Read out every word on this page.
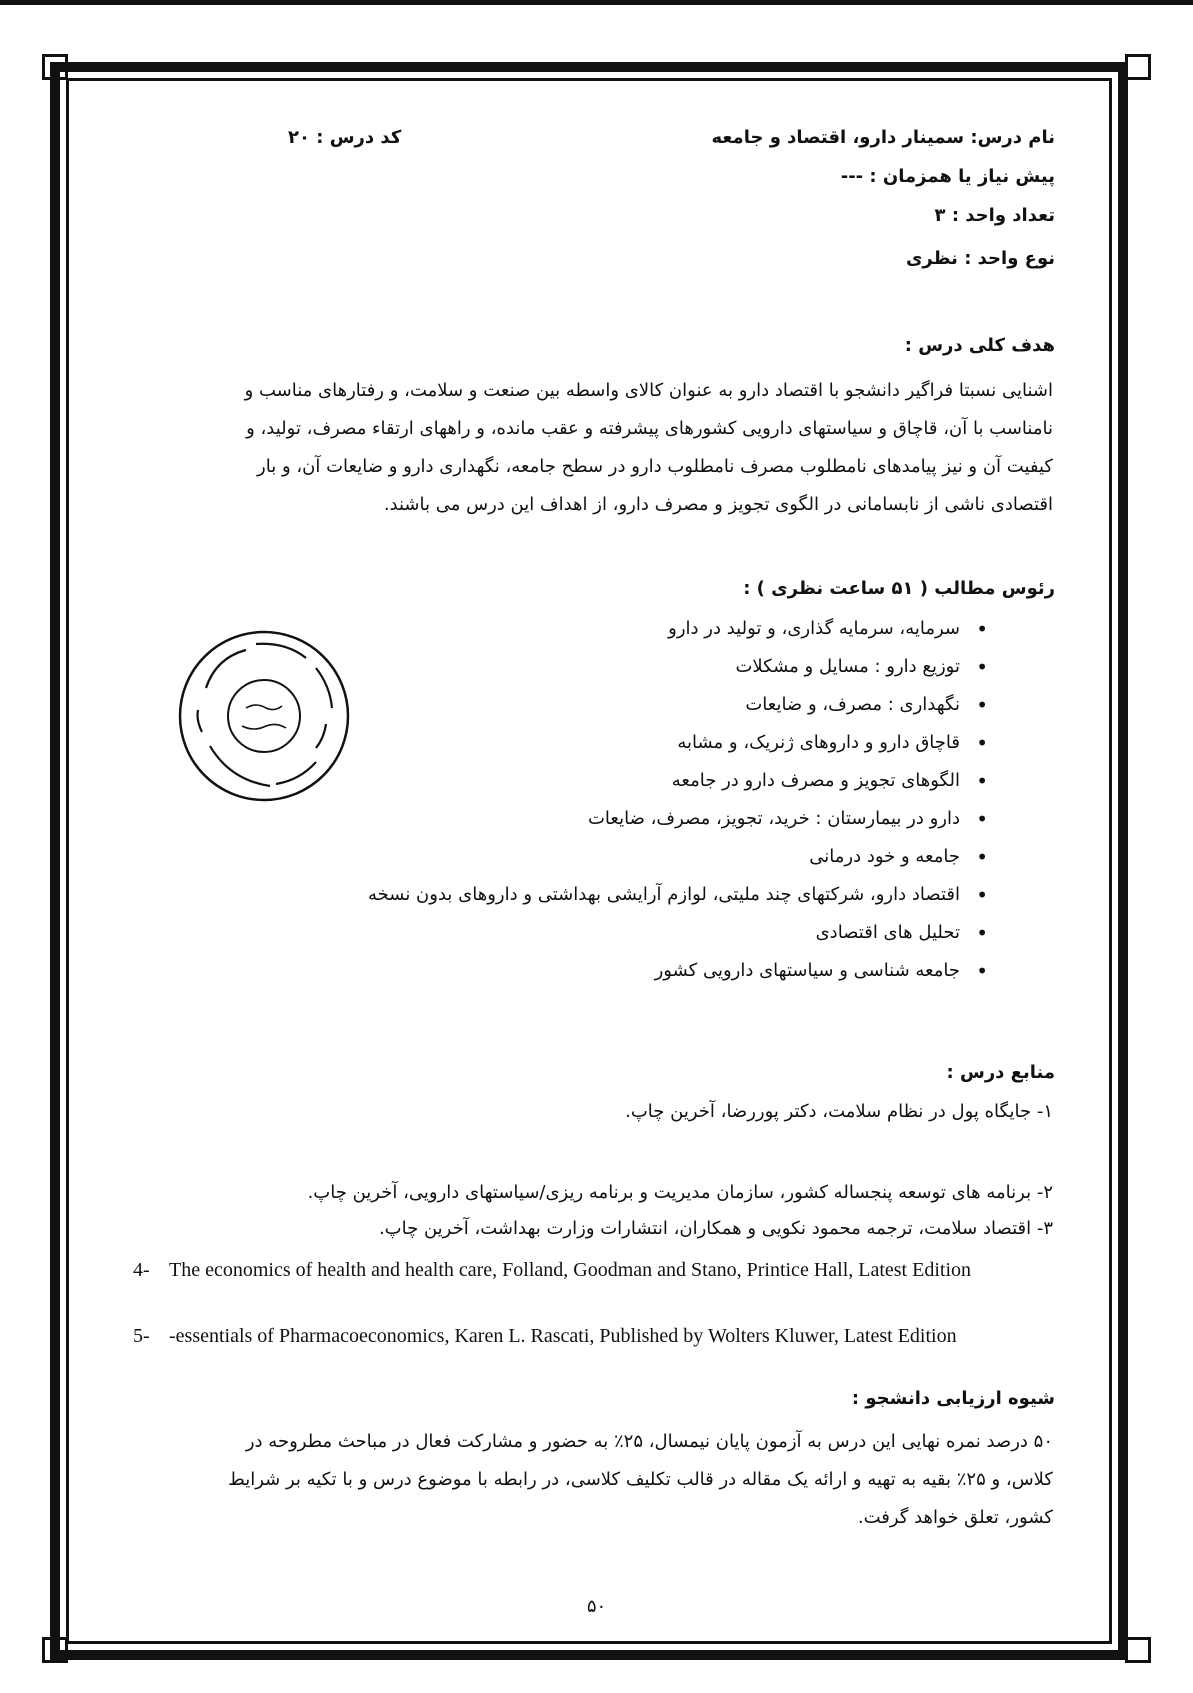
نام درس: سمینار دارو، اقتصاد و جامعه
کد درس : ۲۰
پیش نیاز یا همزمان : ---
تعداد واحد : ۳
نوع واحد : نظری
هدف کلی درس :
اشنایی نسبتا فراگیر دانشجو با اقتصاد دارو به عنوان کالای واسطه بین صنعت و سلامت، و رفتارهای مناسب و
نامناسب با آن، قاچاق و سیاستهای دارویی کشورهای پیشرفته و عقب مانده، و راههای ارتقاء مصرف، تولید، و
کیفیت آن و نیز پیامدهای نامطلوب مصرف نامطلوب دارو در سطح جامعه، نگهداری دارو و ضایعات آن، و بار
اقتصادی ناشی از نابسامانی در الگوی تجویز و مصرف دارو، از اهداف این درس می باشند.
رئوس مطالب ( ۵۱ ساعت نظری ) :
•
سرمایه، سرمایه گذاری، و تولید در دارو
•
توزیع دارو : مسایل و مشکلات
•
نگهداری : مصرف، و ضایعات
•
قاچاق دارو و داروهای ژنریک، و مشابه
•
الگوهای تجویز و مصرف دارو در جامعه
•
دارو در بیمارستان : خرید، تجویز، مصرف، ضایعات
•
جامعه و خود درمانی
•
اقتصاد دارو، شرکتهای چند ملیتی، لوازم آرایشی بهداشتی و داروهای بدون نسخه
•
تحلیل های اقتصادی
•
جامعه شناسی و سیاستهای دارویی کشور
منابع درس :
۱- جایگاه پول در نظام سلامت، دکتر پوررضا، آخرین چاپ.
۲- برنامه های توسعه پنجساله کشور، سازمان مدیریت و برنامه ریزی/سیاستهای دارویی، آخرین چاپ.
۳- اقتصاد سلامت، ترجمه محمود نکویی و همکاران، انتشارات وزارت بهداشت، آخرین چاپ.
4- The economics of health and health care, Folland, Goodman and Stano, Printice Hall, Latest Edition
5- -essentials of Pharmacoeconomics, Karen L. Rascati, Published by Wolters Kluwer, Latest Edition
شیوه ارزیابی دانشجو :
۵۰ درصد نمره نهایی این درس به آزمون پایان نیمسال، ۲۵٪ به حضور و مشارکت فعال در مباحث مطروحه در
کلاس، و ۲۵٪ بقیه به تهیه و ارائه یک مقاله در قالب تکلیف کلاسی، در رابطه با موضوع درس و با تکیه بر شرایط
کشور، تعلق خواهد گرفت.
۵۰
